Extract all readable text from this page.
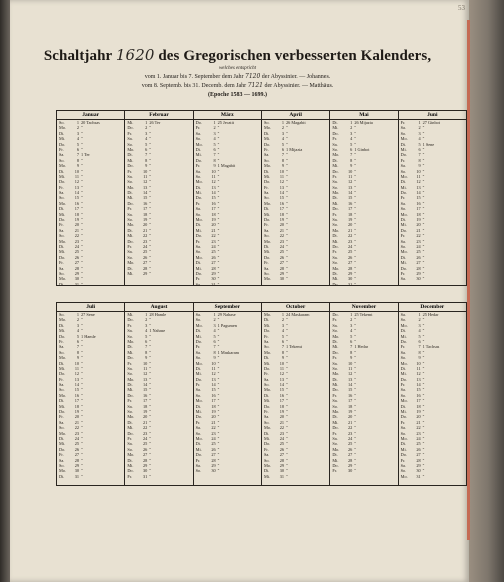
53
Schaltjahr 1620 des Gregorischen verbesserten Kalenders,
welches entspricht
vom 1. Januar bis 7. September dem Jahr 7120 der Abyssinier. — Johannes.
vom 8. Septemb. bis 31. Decemb. dem Jahr 7121 der Abyssinier. — Matthäus.
(Epoche 1583 — 1699.)
Januar
So.	1 20 Tachsas
Mo.	2 ″
Di.	3 ″
Mi.	4 ″
Do.	5 ″
Fr.	6 ″
Sa.	7 1 Ter
So.	8 ″
Mo.	9 ″
Di.	10 ″
Mi.	11 ″
Do.	12 ″
Fr.	13 ″
Sa.	14 ″
So.	15 ″
Mo.	16 ″
Di.	17 ″
Mi.	18 ″
Do.	19 ″
Fr.	20 ″
Sa.	21 ″
So.	22 ″
Mo.	23 ″
Di.	24 ″
Mi.	25 ″
Do.	26 ″
Fr.	27 ″
Sa.	28 ″
So.	29 ″
Mo.	30 ″
Di.	31 ″
Februar
Mi.	1 26 Ter
Do.	2 ″
Fr.	3 ″
Sa.	4 ″
So.	5 ″
Mo.	6 ″
Di.	7 ″
Mi.	8 ″
Do.	9 ″
Fr.	10 ″
Sa.	11 ″
So.	12 ″
Mo.	13 ″
Di.	14 ″
Mi.	15 ″
Do.	16 ″
Fr.	17 ″
Sa.	18 ″
So.	19 ″
Mo.	20 ″
Di.	21 ″
Mi.	22 ″
Do.	23 ″
Fr.	24 ″
Sa.	25 ″
So.	26 ″
Mo.	27 ″
Di.	28 ″
Mi.	29 ″
März
Do.	1 25 Jecatit
Fr.	2 ″
Sa.	3 ″
So.	4 ″
Mo.	5 ″
Di.	6 ″
Mi.	7 ″
Do.	8 ″
Fr.	9 1 Magabit
Sa.	10 ″
So.	11 ″
Mo.	12 ″
Di.	13 ″
Mi.	14 ″
Do.	15 ″
Fr.	16 ″
Sa.	17 ″
So.	18 ″
Mo.	19 ″
Di.	20 ″
Mi.	21 ″
Do.	22 ″
Fr.	23 ″
Sa.	24 ″
So.	25 ″
Mo.	26 ″
Di.	27 ″
Mi.	28 ″
Do.	29 ″
Fr.	30 ″
Sa.	31 ″
April
So.	1 26 Magabit
Mo.	2 ″
Di.	3 ″
Mi.	4 ″
Do.	5 ″
Fr.	6 1 Mijazia
Sa.	7 ″
So.	8 ″
Mo.	9 ″
Di.	10 ″
Mi.	11 ″
Do.	12 ″
Fr.	13 ″
Sa.	14 ″
So.	15 ″
Mo.	16 ″
Di.	17 ″
Mi.	18 ″
Do.	19 ″
Fr.	20 ″
Sa.	21 ″
So.	22 ″
Mo.	23 ″
Di.	24 ″
Mi.	25 ″
Do.	26 ″
Fr.	27 ″
Sa.	28 ″
So.	29 ″
Mo.	30 ″
Mai
Di.	1 26 Mijazia
Mi.	2 ″
Do.	3 ″
Fr.	4 ″
Sa.	5 ″
So.	6 1 Ginbot
Mo.	7 ″
Di.	8 ″
Mi.	9 ″
Do.	10 ″
Fr.	11 ″
Sa.	12 ″
So.	13 ″
Mo.	14 ″
Di.	15 ″
Mi.	16 ″
Do.	17 ″
Fr.	18 ″
Sa.	19 ″
So.	20 ″
Mo.	21 ″
Di.	22 ″
Mi.	23 ″
Do.	24 ″
Fr.	25 ″
Sa.	26 ″
So.	27 ″
Mo.	28 ″
Di.	29 ″
Mi.	30 ″
Do.	31 ″
Juni
Fr.	1 27 Ginbot
Sa.	2 ″
So.	3 ″
Mo.	4 ″
Di.	5 1 Sene
Mi.	6 ″
Do.	7 ″
Fr.	8 ″
Sa.	9 ″
So.	10 ″
Mo.	11 ″
Di.	12 ″
Mi.	13 ″
Do.	14 ″
Fr.	15 ″
Sa.	16 ″
So.	17 ″
Mo.	18 ″
Di.	19 ″
Mi.	20 ″
Do.	21 ″
Fr.	22 ″
Sa.	23 ″
So.	24 ″
Mo.	25 ″
Di.	26 ″
Mi.	27 ″
Do.	28 ″
Fr.	29 ″
Sa.	30 ″
Juli
So.	1 27 Sene
Mo.	2 ″
Di.	3 ″
Mi.	4 ″
Do.	5 1 Hamle
Fr.	6 ″
Sa.	7 ″
So.	8 ″
Mo.	9 ″
Di.	10 ″
Mi.	11 ″
Do.	12 ″
Fr.	13 ″
Sa.	14 ″
So.	15 ″
Mo.	16 ″
Di.	17 ″
Mi.	18 ″
Do.	19 ″
Fr.	20 ″
Sa.	21 ″
So.	22 ″
Mo.	23 ″
Di.	24 ″
Mi.	25 ″
Do.	26 ″
Fr.	27 ″
Sa.	28 ″
So.	29 ″
Mo.	30 ″
Di.	31 ″
August
Mi.	1 28 Hamle
Do.	2 ″
Fr.	3 ″
Sa.	4 1 Nahase
So.	5 ″
Mo.	6 ″
Di.	7 ″
Mi.	8 ″
Do.	9 ″
Fr.	10 ″
Sa.	11 ″
So.	12 ″
Mo.	13 ″
Di.	14 ″
Mi.	15 ″
Do.	16 ″
Fr.	17 ″
Sa.	18 ″
So.	19 ″
Mo.	20 ″
Di.	21 ″
Mi.	22 ″
Do.	23 ″
Fr.	24 ″
Sa.	25 ″
So.	26 ″
Mo.	27 ″
Di.	28 ″
Mi.	29 ″
Do.	30 ″
Fr.	31 ″
September
Sa.	1 29 Nahase
So.	2 ″
Mo.	3 1 Pagumen
Di.	4 ″
Mi.	5 ″
Do.	6 ″
Fr.	7 ″
Sa.	8 1 Maskaram
So.	9 ″
Mo.	10 ″
Di.	11 ″
Mi.	12 ″
Do.	13 ″
Fr.	14 ″
Sa.	15 ″
So.	16 ″
Mo.	17 ″
Di.	18 ″
Mi.	19 ″
Do.	20 ″
Fr.	21 ″
Sa.	22 ″
So.	23 ″
Mo.	24 ″
Di.	25 ″
Mi.	26 ″
Do.	27 ″
Fr.	28 ″
Sa.	29 ″
So.	30 ″
October
Mo.	1 24 Maskaram
Di.	2 ″
Mi.	3 ″
Do.	4 ″
Fr.	5 ″
Sa.	6 ″
So.	7 1 Tekemt
Mo.	8 ″
Di.	9 ″
Mi.	10 ″
Do.	11 ″
Fr.	12 ″
Sa.	13 ″
So.	14 ″
Mo.	15 ″
Di.	16 ″
Mi.	17 ″
Do.	18 ″
Fr.	19 ″
Sa.	20 ″
So.	21 ″
Mo.	22 ″
Di.	23 ″
Mi.	24 ″
Do.	25 ″
Fr.	26 ″
Sa.	27 ″
So.	28 ″
Mo.	29 ″
Di.	30 ″
Mi.	31 ″
November
Do.	1 25 Tekemt
Fr.	2 ″
Sa.	3 ″
So.	4 ″
Mo.	5 ″
Di.	6 ″
Mi.	7 1 Hedar
Do.	8 ″
Fr.	9 ″
Sa.	10 ″
So.	11 ″
Mo.	12 ″
Di.	13 ″
Mi.	14 ″
Do.	15 ″
Fr.	16 ″
Sa.	17 ″
So.	18 ″
Mo.	19 ″
Di.	20 ″
Mi.	21 ″
Do.	22 ″
Fr.	23 ″
Sa.	24 ″
So.	25 ″
Mo.	26 ″
Di.	27 ″
Mi.	28 ″
Do.	29 ″
Fr.	30 ″
December
Sa.	1 25 Hedar
So.	2 ″
Mo.	3 ″
Di.	4 ″
Mi.	5 ″
Do.	6 ″
Fr.	7 1 Tachsas
Sa.	8 ″
So.	9 ″
Mo.	10 ″
Di.	11 ″
Mi.	12 ″
Do.	13 ″
Fr.	14 ″
Sa.	15 ″
So.	16 ″
Mo.	17 ″
Di.	18 ″
Mi.	19 ″
Do.	20 ″
Fr.	21 ″
Sa.	22 ″
So.	23 ″
Mo.	24 ″
Di.	25 ″
Mi.	26 ″
Do.	27 ″
Fr.	28 ″
Sa.	29 ″
So.	30 ″
Mo.	31 ″
